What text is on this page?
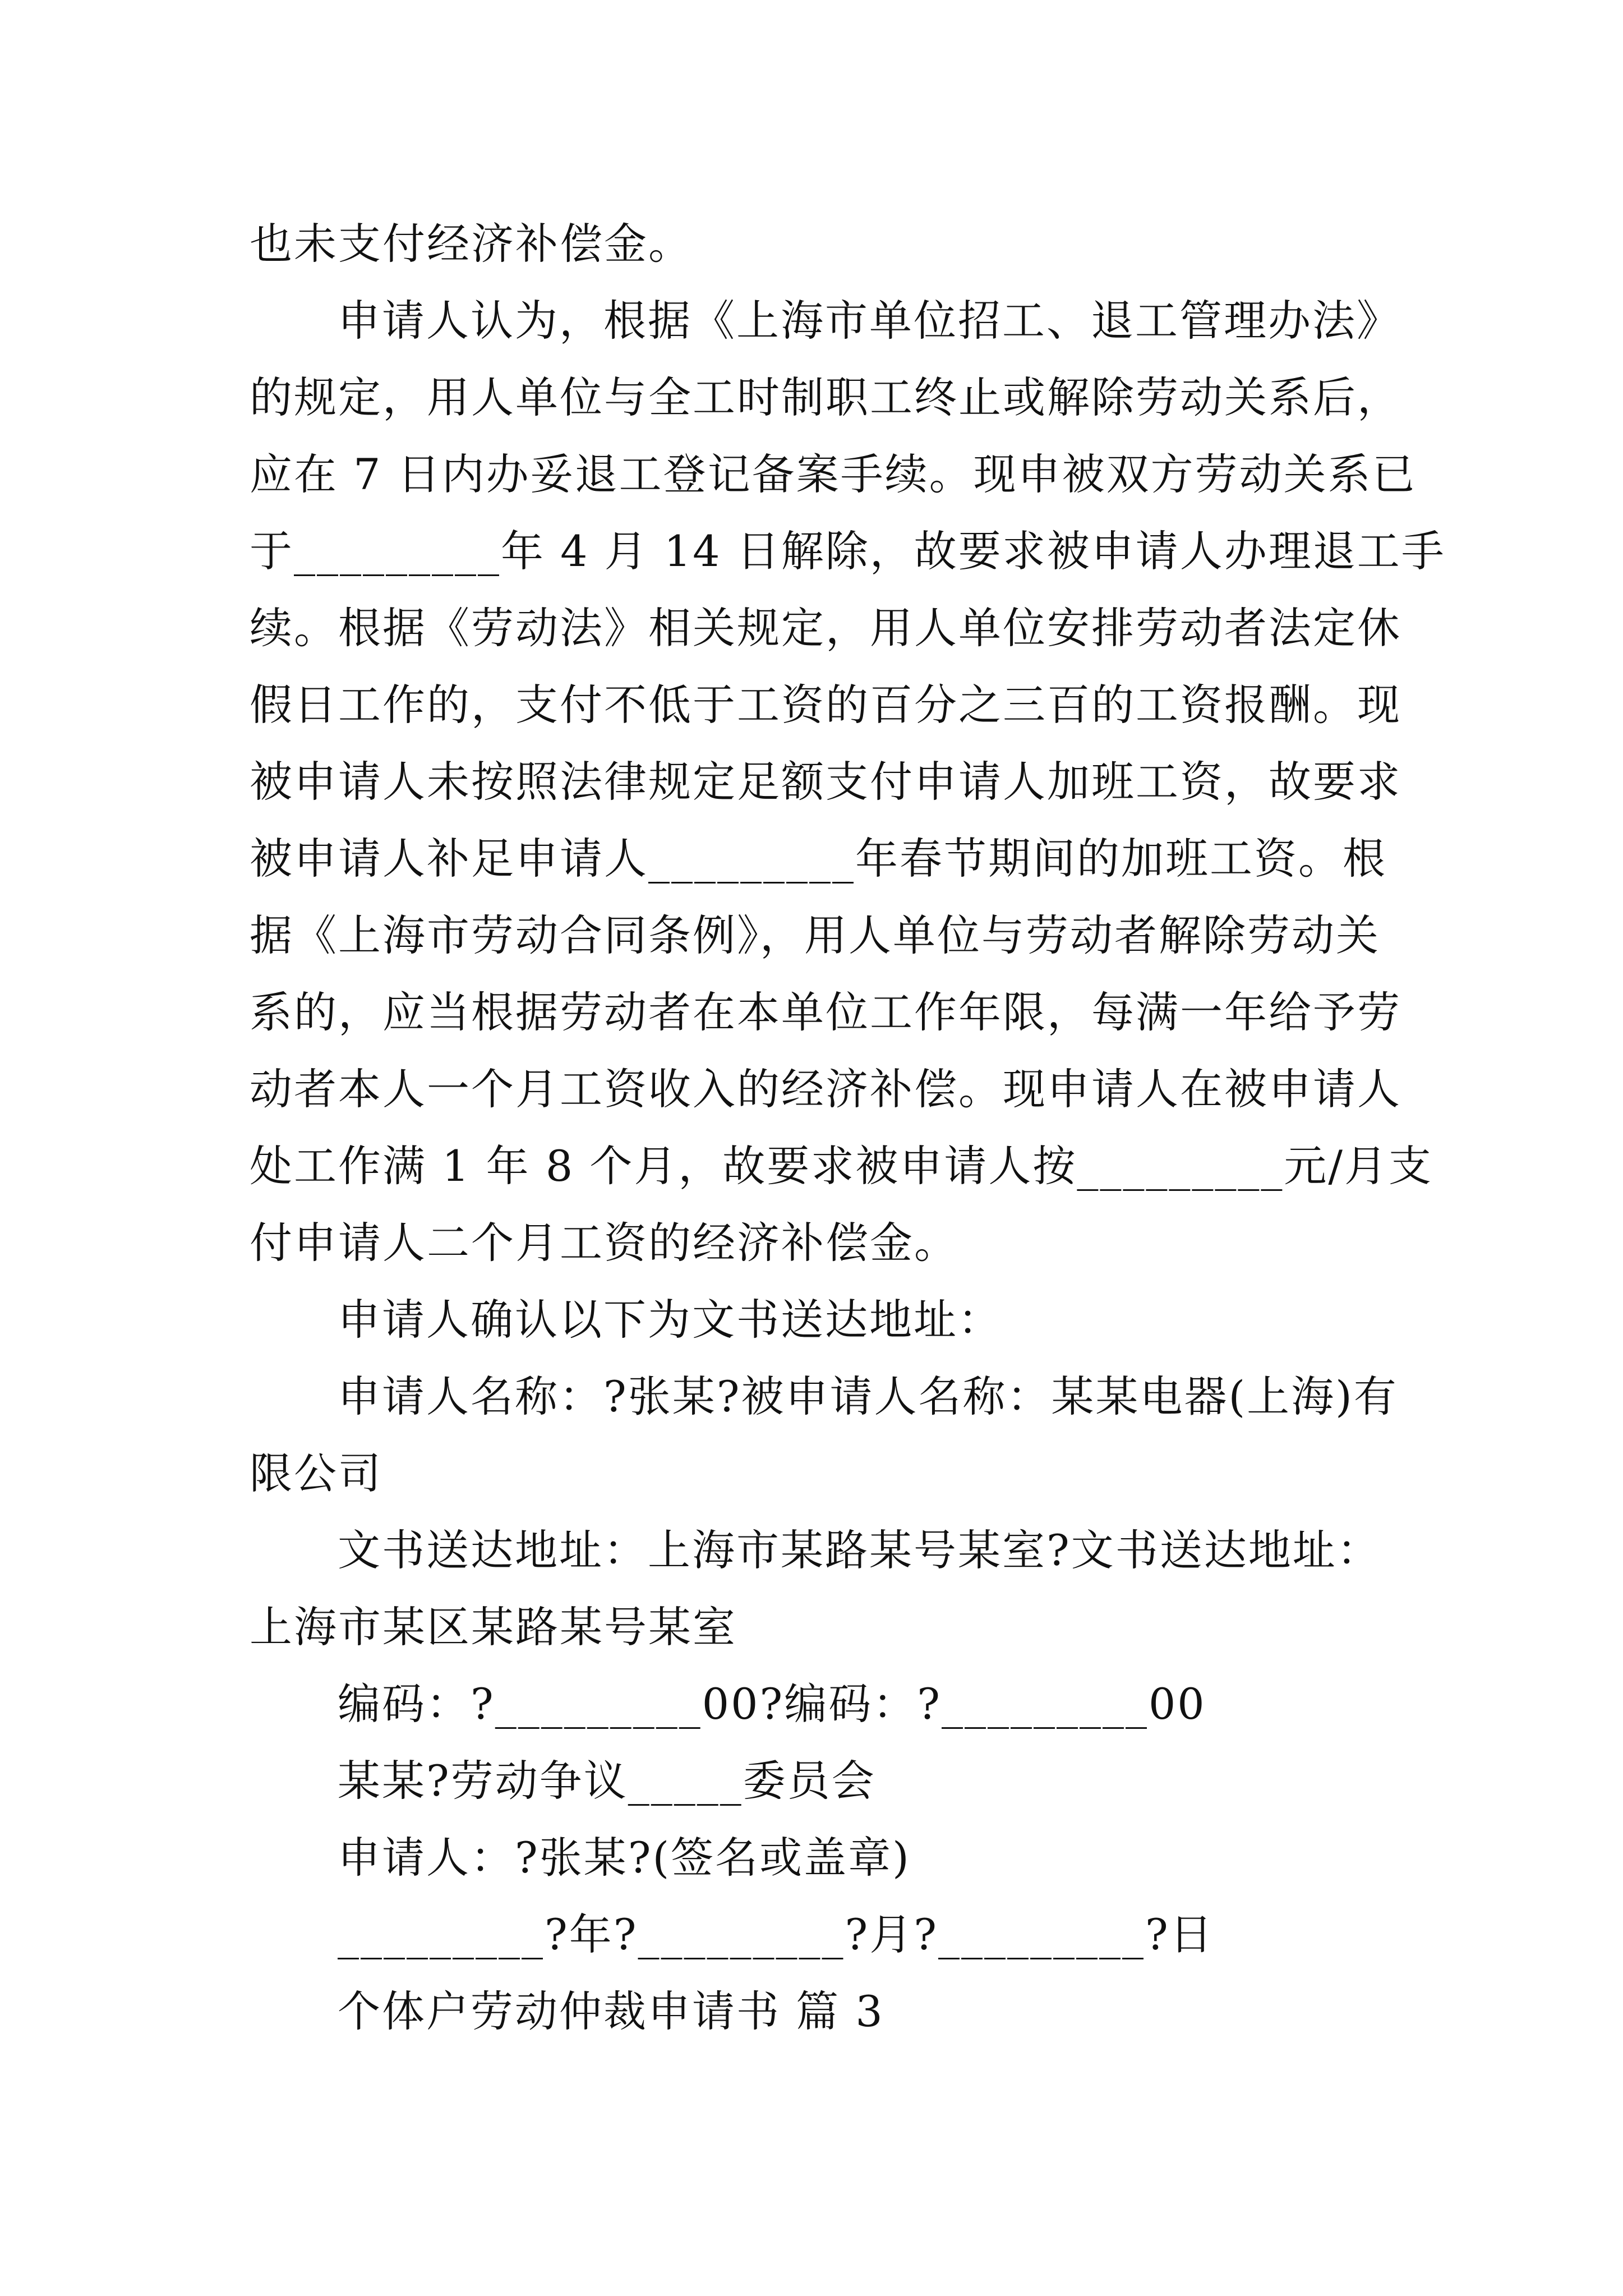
也未支付经济补偿金。

申请人认为，根据《上海市单位招工、退工管理办法》

的规定，用人单位与全工时制职工终止或解除劳动关系后，

应在 7 日内办妥退工登记备案手续。现申被双方劳动关系已

于_________年 4 月 14 日解除，故要求被申请人办理退工手

续。根据《劳动法》相关规定，用人单位安排劳动者法定休

假日工作的，支付不低于工资的百分之三百的工资报酬。现

被申请人未按照法律规定足额支付申请人加班工资，故要求

被申请人补足申请人_________年春节期间的加班工资。根

据《上海市劳动合同条例》，用人单位与劳动者解除劳动关

系的，应当根据劳动者在本单位工作年限，每满一年给予劳

动者本人一个月工资收入的经济补偿。现申请人在被申请人

处工作满 1 年 8 个月，故要求被申请人按_________元/月支

付申请人二个月工资的经济补偿金。

申请人确认以下为文书送达地址：

申请人名称：?张某?被申请人名称：某某电器(上海)有

限公司

文书送达地址：上海市某路某号某室?文书送达地址：

上海市某区某路某号某室

编码：?_________00?编码：?_________00

某某?劳动争议_____委员会

申请人：?张某?(签名或盖章)

_________?年?_________?月?_________?日

个体户劳动仲裁申请书 篇 3
